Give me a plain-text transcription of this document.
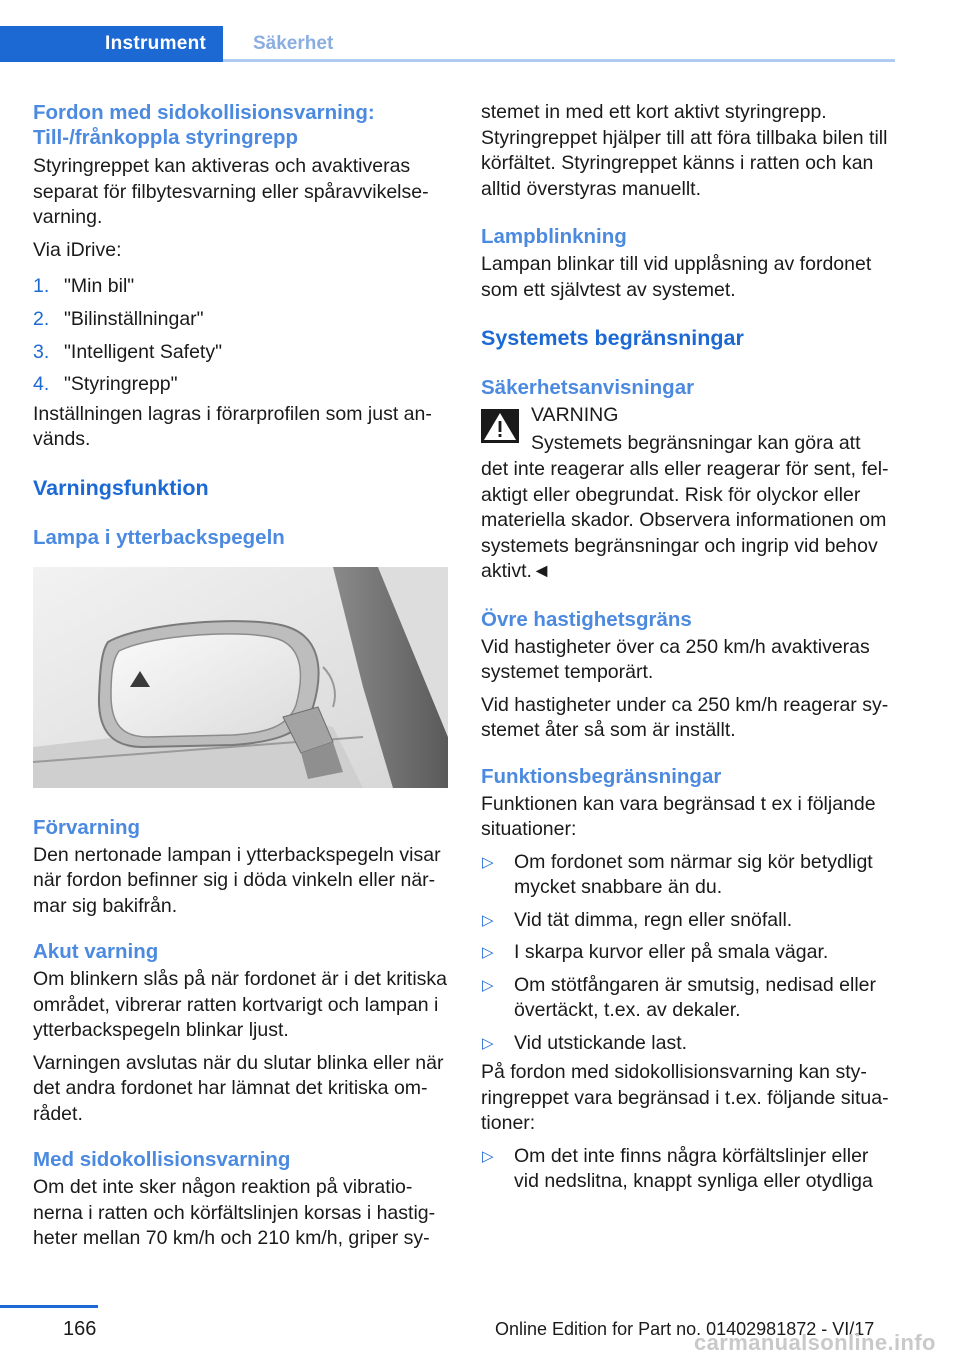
Instrument	Säkerhet
Fordon med sidokollisionsvarning: Till-/frånkoppla styringrepp

Styringreppet kan aktiveras och avaktiveras separat för filbytesvarning eller spåravvikelsevarning.

Via iDrive:

1. "Min bil"
2. "Bilinställningar"
3. "Intelligent Safety"
4. "Styringrepp"

Inställningen lagras i förarprofilen som just används.

Varningsfunktion
Lampa i ytterbackspegeln
Förvarning

Den nertonade lampan i ytterbackspegeln visar när fordon befinner sig i döda vinkeln eller närmar sig bakifrån.

Akut varning

Om blinkern slås på när fordonet är i det kritiska området, vibrerar ratten kortvarigt och lampan i ytterbackspegeln blinkar ljust.

Varningen avslutas när du slutar blinka eller när det andra fordonet har lämnat det kritiska området.

Med sidokollisionsvarning

Om det inte sker någon reaktion på vibrationerna i ratten och körfältslinjen korsas i hastigheter mellan 70 km/h och 210 km/h, griper sy-

stemet in med ett kort aktivt styringrepp. Styringreppet hjälper till att föra tillbaka bilen till körfältet. Styringreppet känns i ratten och kan alltid överstyras manuellt.

Lampblinkning

Lampan blinkar till vid upplåsning av fordonet som ett självtest av systemet.

Systemets begränsningar
Säkerhetsanvisningar
VARNING
Systemets begränsningar kan göra att

det inte reagerar alls eller reagerar för sent, felaktigt eller obegrundat. Risk för olyckor eller materiella skador. Observera informationen om systemets begränsningar och ingrip vid behov aktivt.◄

Övre hastighetsgräns

Vid hastigheter över ca 250 km/h avaktiveras systemet temporärt.

Vid hastigheter under ca 250 km/h reagerar systemet åter så som är inställt.

Funktionsbegränsningar

Funktionen kan vara begränsad t ex i följande situationer:

▷ Om fordonet som närmar sig kör betydligt mycket snabbare än du.
▷ Vid tät dimma, regn eller snöfall.
▷ I skarpa kurvor eller på smala vägar.
▷ Om stötfångaren är smutsig, nedisad eller övertäckt, t.ex. av dekaler.
▷ Vid utstickande last.

På fordon med sidokollisionsvarning kan styringreppet vara begränsad i t.ex. följande situationer:

▷ Om det inte finns några körfältslinjer eller vid nedslitna, knappt synliga eller otydliga
166	Online Edition for Part no. 01402981872 - VI/17
carmanualsonline.info
